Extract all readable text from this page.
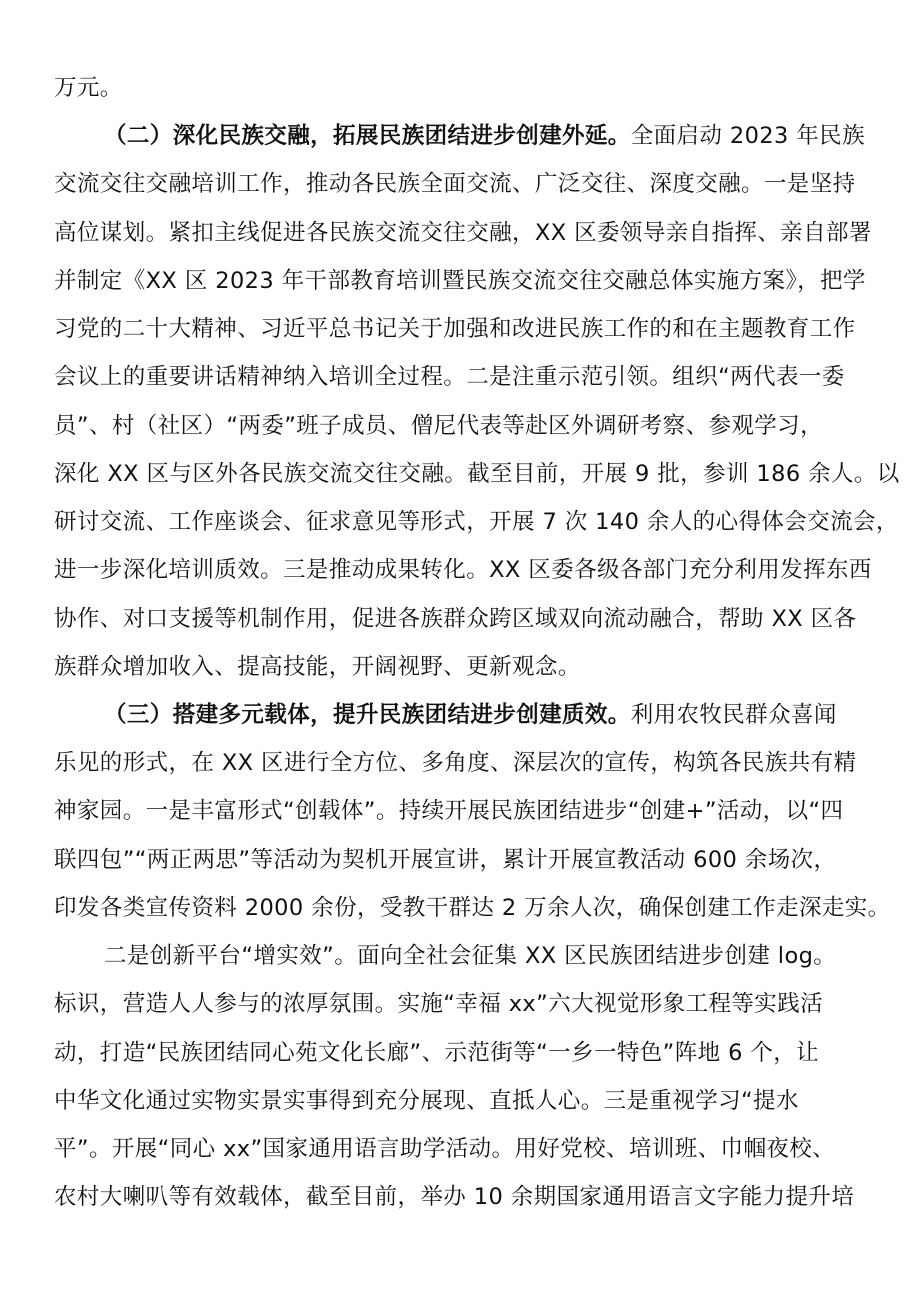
万元。
（二）深化民族交融，拓展民族团结进步创建外延。全面启动 2023 年民族
交流交往交融培训工作，推动各民族全面交流、广泛交往、深度交融。一是坚持
高位谋划。紧扣主线促进各民族交流交往交融，XX 区委领导亲自指挥、亲自部署
并制定《XX 区 2023 年干部教育培训暨民族交流交往交融总体实施方案》，把学
习党的二十大精神、习近平总书记关于加强和改进民族工作的和在主题教育工作
会议上的重要讲话精神纳入培训全过程。二是注重示范引领。组织“两代表一委
员”、村（社区）“两委”班子成员、僧尼代表等赴区外调研考察、参观学习，
深化 XX 区与区外各民族交流交往交融。截至目前，开展 9 批，参训 186 余人。以
研讨交流、工作座谈会、征求意见等形式，开展 7 次 140 余人的心得体会交流会，
进一步深化培训质效。三是推动成果转化。XX 区委各级各部门充分利用发挥东西
协作、对口支援等机制作用，促进各族群众跨区域双向流动融合，帮助 XX 区各
族群众增加收入、提高技能，开阔视野、更新观念。
（三）搭建多元载体，提升民族团结进步创建质效。利用农牧民群众喜闻
乐见的形式，在 XX 区进行全方位、多角度、深层次的宣传，构筑各民族共有精
神家园。一是丰富形式“创载体”。持续开展民族团结进步“创建+”活动，以“四
联四包”“两正两思”等活动为契机开展宣讲，累计开展宣教活动 600 余场次，
印发各类宣传资料 2000 余份，受教干群达 2 万余人次，确保创建工作走深走实。
二是创新平台“增实效”。面向全社会征集 XX 区民族团结进步创建 log。
标识，营造人人参与的浓厚氛围。实施“幸福 xx”六大视觉形象工程等实践活
动，打造“民族团结同心苑文化长廊”、示范街等“一乡一特色”阵地 6 个，让
中华文化通过实物实景实事得到充分展现、直抵人心。三是重视学习“提水
平”。开展“同心 xx”国家通用语言助学活动。用好党校、培训班、巾帼夜校、
农村大喇叭等有效载体，截至目前，举办 10 余期国家通用语言文字能力提升培
